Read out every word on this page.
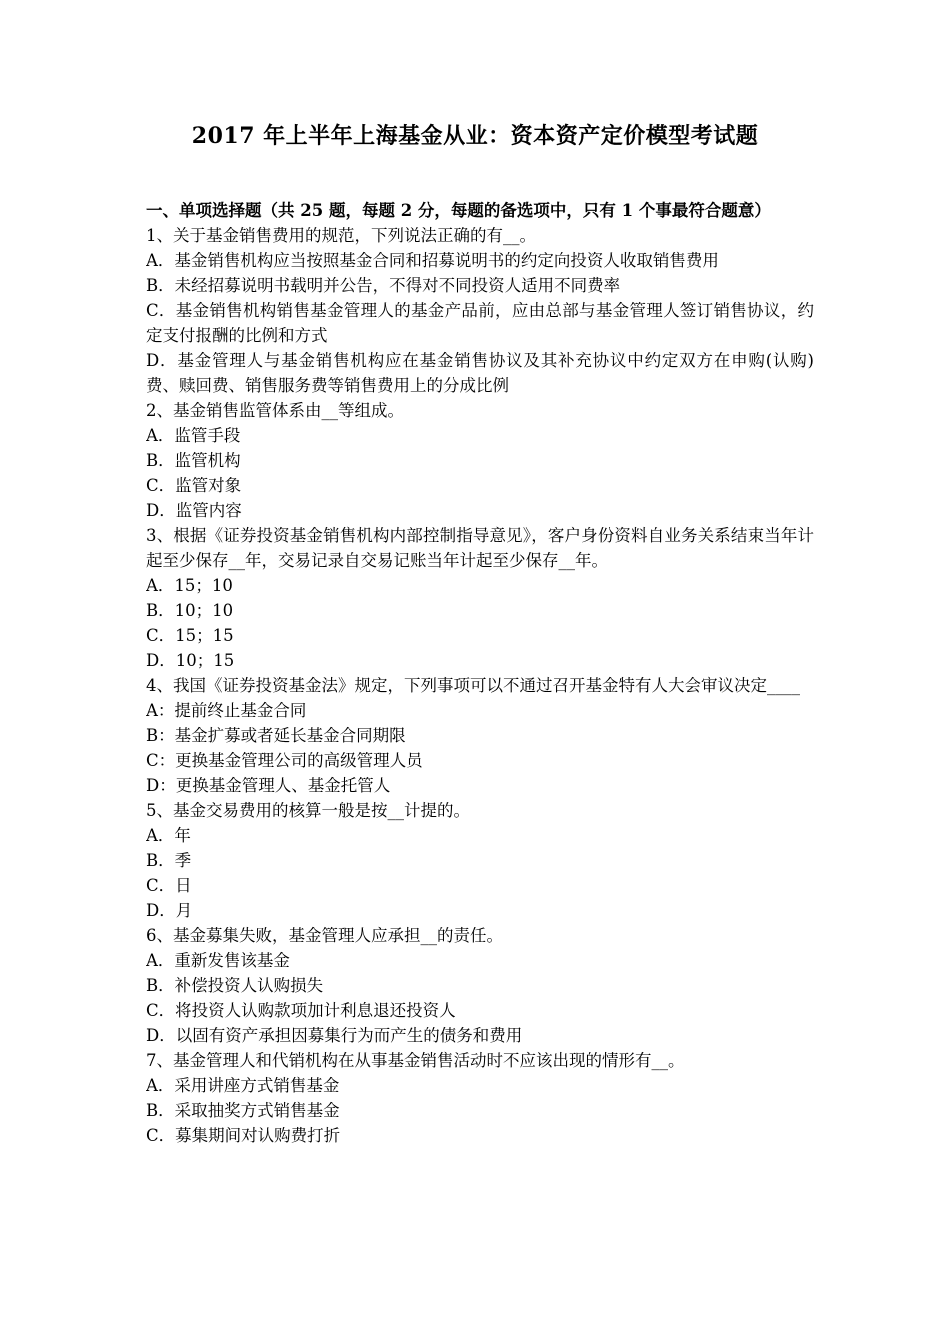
2017 年上半年上海基金从业：资本资产定价模型考试题
一、单项选择题（共 25 题，每题 2 分，每题的备选项中，只有 1 个事最符合题意）
1、关于基金销售费用的规范，下列说法正确的有__。
A．基金销售机构应当按照基金合同和招募说明书的约定向投资人收取销售费用
B．未经招募说明书载明并公告，不得对不同投资人适用不同费率
C．基金销售机构销售基金管理人的基金产品前，应由总部与基金管理人签订销售协议，约定支付报酬的比例和方式
D．基金管理人与基金销售机构应在基金销售协议及其补充协议中约定双方在申购(认购)费、赎回费、销售服务费等销售费用上的分成比例
2、基金销售监管体系由__等组成。
A．监管手段
B．监管机构
C．监管对象
D．监管内容
3、根据《证券投资基金销售机构内部控制指导意见》，客户身份资料自业务关系结束当年计起至少保存__年，交易记录自交易记账当年计起至少保存__年。
A．15；10
B．10；10
C．15；15
D．10；15
4、我国《证券投资基金法》规定，下列事项可以不通过召开基金特有人大会审议决定____
A：提前终止基金合同
B：基金扩募或者延长基金合同期限
C：更换基金管理公司的高级管理人员
D：更换基金管理人、基金托管人
5、基金交易费用的核算一般是按__计提的。
A．年
B．季
C．日
D．月
6、基金募集失败，基金管理人应承担__的责任。
A．重新发售该基金
B．补偿投资人认购损失
C．将投资人认购款项加计利息退还投资人
D．以固有资产承担因募集行为而产生的债务和费用
7、基金管理人和代销机构在从事基金销售活动时不应该出现的情形有__。
A．采用讲座方式销售基金
B．采取抽奖方式销售基金
C．募集期间对认购费打折
